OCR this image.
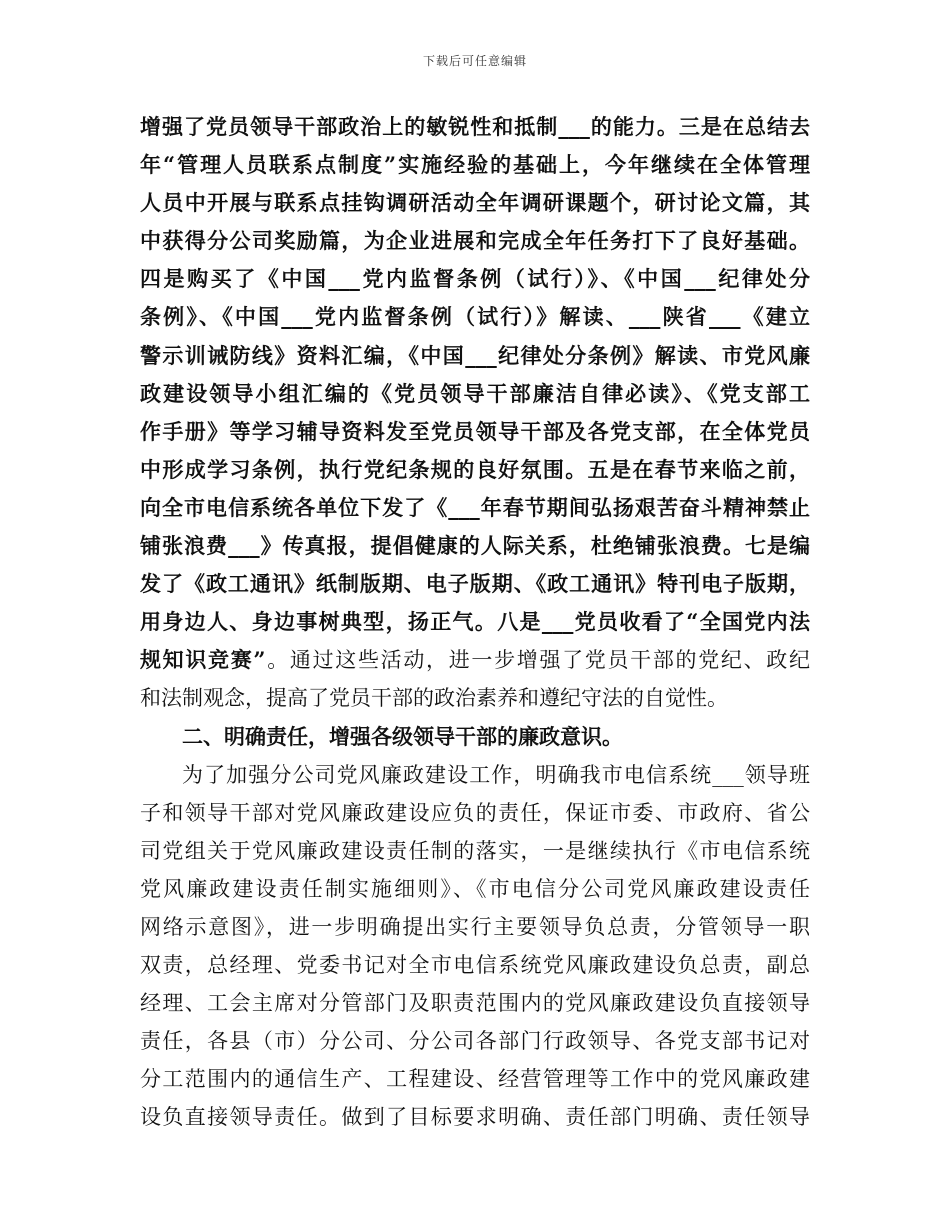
下载后可任意编辑
增强了党员领导干部政治上的敏锐性和抵制___的能力。三是在总结去
年“管理人员联系点制度”实施经验的基础上，今年继续在全体管理
人员中开展与联系点挂钩调研活动全年调研课题个，研讨论文篇，其
中获得分公司奖励篇，为企业进展和完成全年任务打下了良好基础。
四是购买了《中国___党内监督条例（试行）》、《中国___纪律处分
条例》、《中国___党内监督条例（试行）》解读、___陕省___《建立
警示训诫防线》资料汇编，《中国___纪律处分条例》解读、市党风廉
政建设领导小组汇编的《党员领导干部廉洁自律必读》、《党支部工
作手册》等学习辅导资料发至党员领导干部及各党支部，在全体党员
中形成学习条例，执行党纪条规的良好氛围。五是在春节来临之前，
向全市电信系统各单位下发了《___年春节期间弘扬艰苦奋斗精神禁止
铺张浪费___》传真报，提倡健康的人际关系，杜绝铺张浪费。七是编
发了《政工通讯》纸制版期、电子版期、《政工通讯》特刊电子版期，
用身边人、身边事树典型，扬正气。八是___党员收看了“全国党内法
规知识竞赛”。通过这些活动，进一步增强了党员干部的党纪、政纪
和法制观念，提高了党员干部的政治素养和遵纪守法的自觉性。
二、明确责任，增强各级领导干部的廉政意识。
为了加强分公司党风廉政建设工作，明确我市电信系统___领导班
子和领导干部对党风廉政建设应负的责任，保证市委、市政府、省公
司党组关于党风廉政建设责任制的落实，一是继续执行《市电信系统
党风廉政建设责任制实施细则》、《市电信分公司党风廉政建设责任
网络示意图》，进一步明确提出实行主要领导负总责，分管领导一职
双责，总经理、党委书记对全市电信系统党风廉政建设负总责，副总
经理、工会主席对分管部门及职责范围内的党风廉政建设负直接领导
责任，各县（市）分公司、分公司各部门行政领导、各党支部书记对
分工范围内的通信生产、工程建设、经营管理等工作中的党风廉政建
设负直接领导责任。做到了目标要求明确、责任部门明确、责任领导
